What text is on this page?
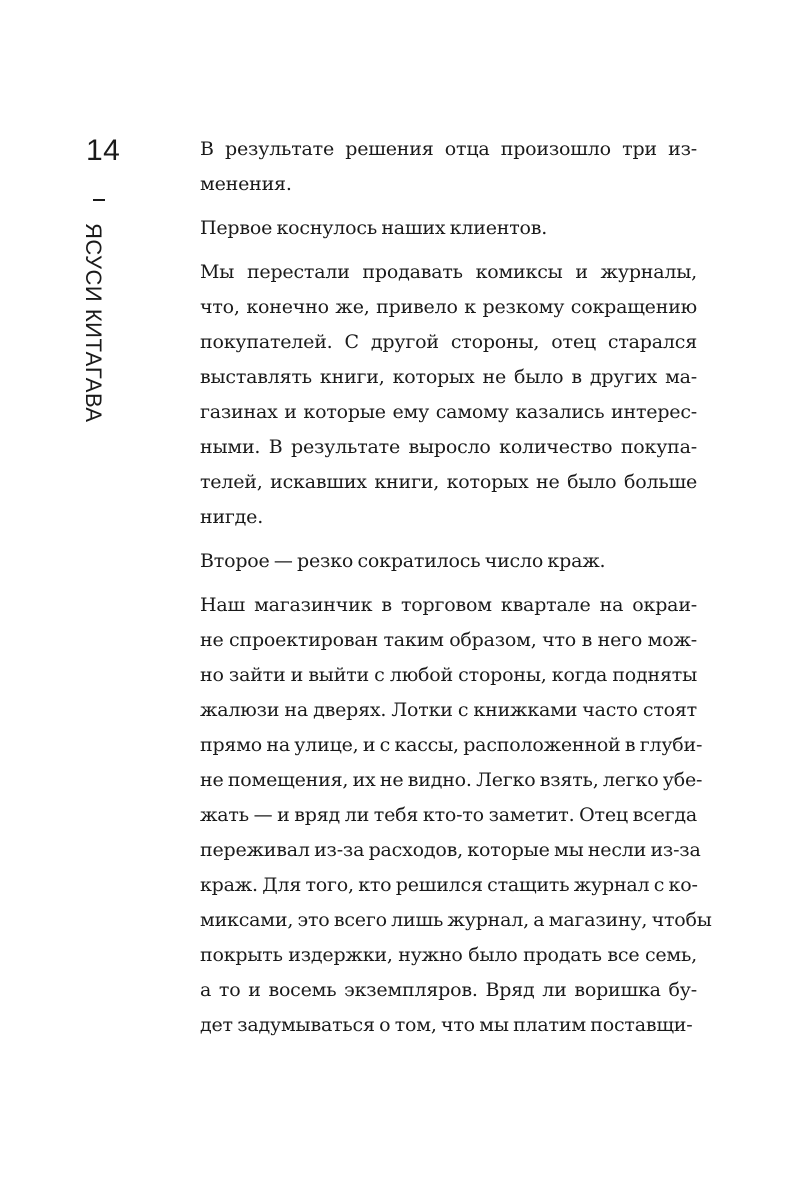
14
ЯСУСИ КИТАГАВА

В результате решения отца произошло три из-
менения.

Первое коснулось наших клиентов.

Мы перестали продавать комиксы и журналы,
что, конечно же, привело к резкому сокращению
покупателей. С другой стороны, отец старался
выставлять книги, которых не было в других ма-
газинах и которые ему самому казались интерес-
ными. В результате выросло количество покупа-
телей, искавших книги, которых не было больше
нигде.

Второе — резко сократилось число краж.

Наш магазинчик в торговом квартале на окраи-
не спроектирован таким образом, что в него мож-
но зайти и выйти с любой стороны, когда подняты
жалюзи на дверях. Лотки с книжками часто стоят
прямо на улице, и с кассы, расположенной в глуби-
не помещения, их не видно. Легко взять, легко убе-
жать — и вряд ли тебя кто-то заметит. Отец всегда
переживал из-за расходов, которые мы несли из-за
краж. Для того, кто решился стащить журнал с ко-
миксами, это всего лишь журнал, а магазину, чтобы
покрыть издержки, нужно было продать все семь,
а то и восемь экземпляров. Вряд ли воришка бу-
дет задумываться о том, что мы платим поставщи-
